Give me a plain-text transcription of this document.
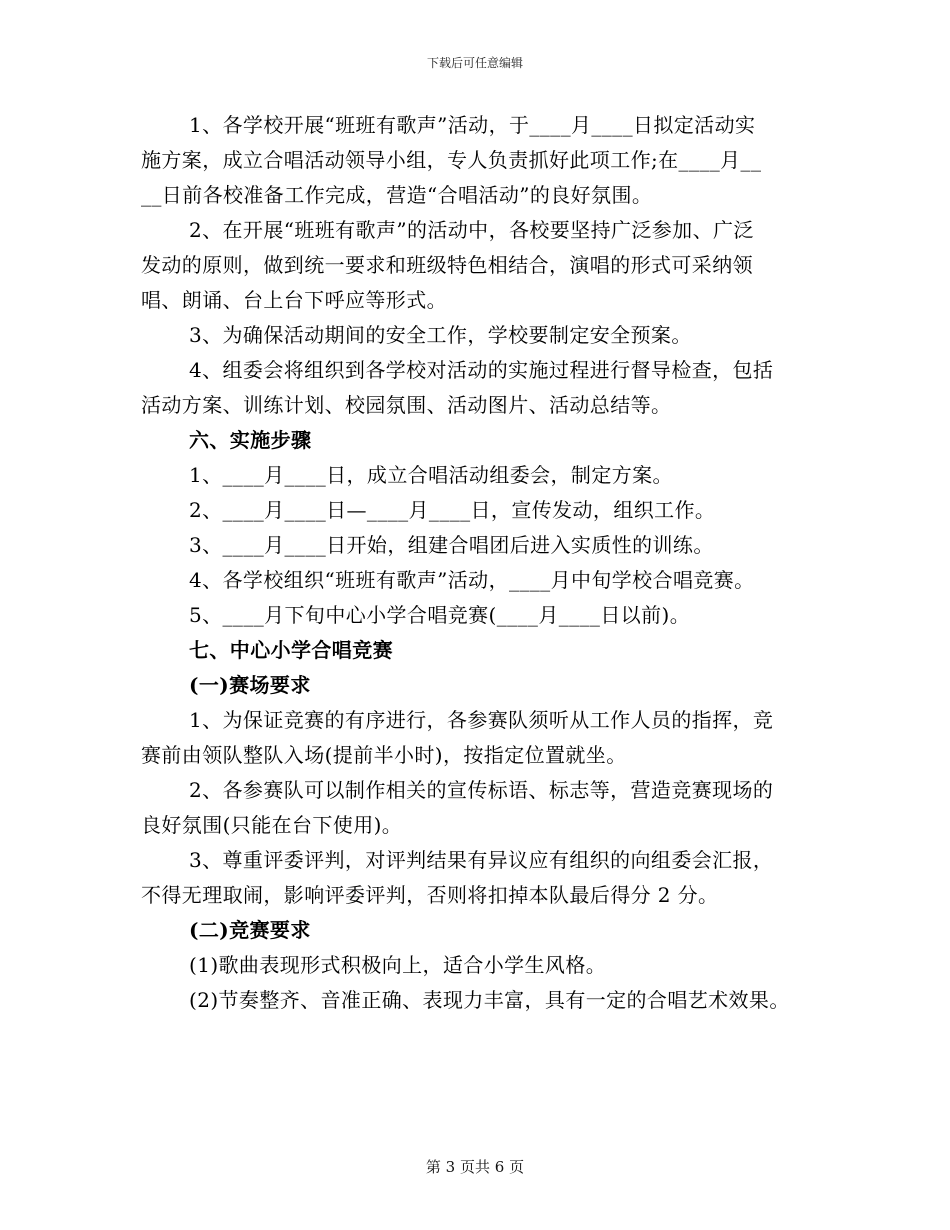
下载后可任意编辑

1、各学校开展“班班有歌声”活动，于____月____日拟定活动实

施方案，成立合唱活动领导小组，专人负责抓好此项工作;在____月__

__日前各校准备工作完成，营造“合唱活动”的良好氛围。

2、在开展“班班有歌声”的活动中，各校要坚持广泛参加、广泛

发动的原则，做到统一要求和班级特色相结合，演唱的形式可采纳领

唱、朗诵、台上台下呼应等形式。

3、为确保活动期间的安全工作，学校要制定安全预案。

4、组委会将组织到各学校对活动的实施过程进行督导检查，包括

活动方案、训练计划、校园氛围、活动图片、活动总结等。

六、实施步骤

1、____月____日，成立合唱活动组委会，制定方案。

2、____月____日—____月____日，宣传发动，组织工作。

3、____月____日开始，组建合唱团后进入实质性的训练。

4、各学校组织“班班有歌声”活动，____月中旬学校合唱竞赛。

5、____月下旬中心小学合唱竞赛(____月____日以前)。

七、中心小学合唱竞赛

(一)赛场要求

1、为保证竞赛的有序进行，各参赛队须听从工作人员的指挥，竞

赛前由领队整队入场(提前半小时)，按指定位置就坐。

2、各参赛队可以制作相关的宣传标语、标志等，营造竞赛现场的

良好氛围(只能在台下使用)。

3、尊重评委评判，对评判结果有异议应有组织的向组委会汇报，

不得无理取闹，影响评委评判，否则将扣掉本队最后得分 2 分。

(二)竞赛要求

(1)歌曲表现形式积极向上，适合小学生风格。

(2)节奏整齐、音准正确、表现力丰富，具有一定的合唱艺术效果。

第 3 页共 6 页
